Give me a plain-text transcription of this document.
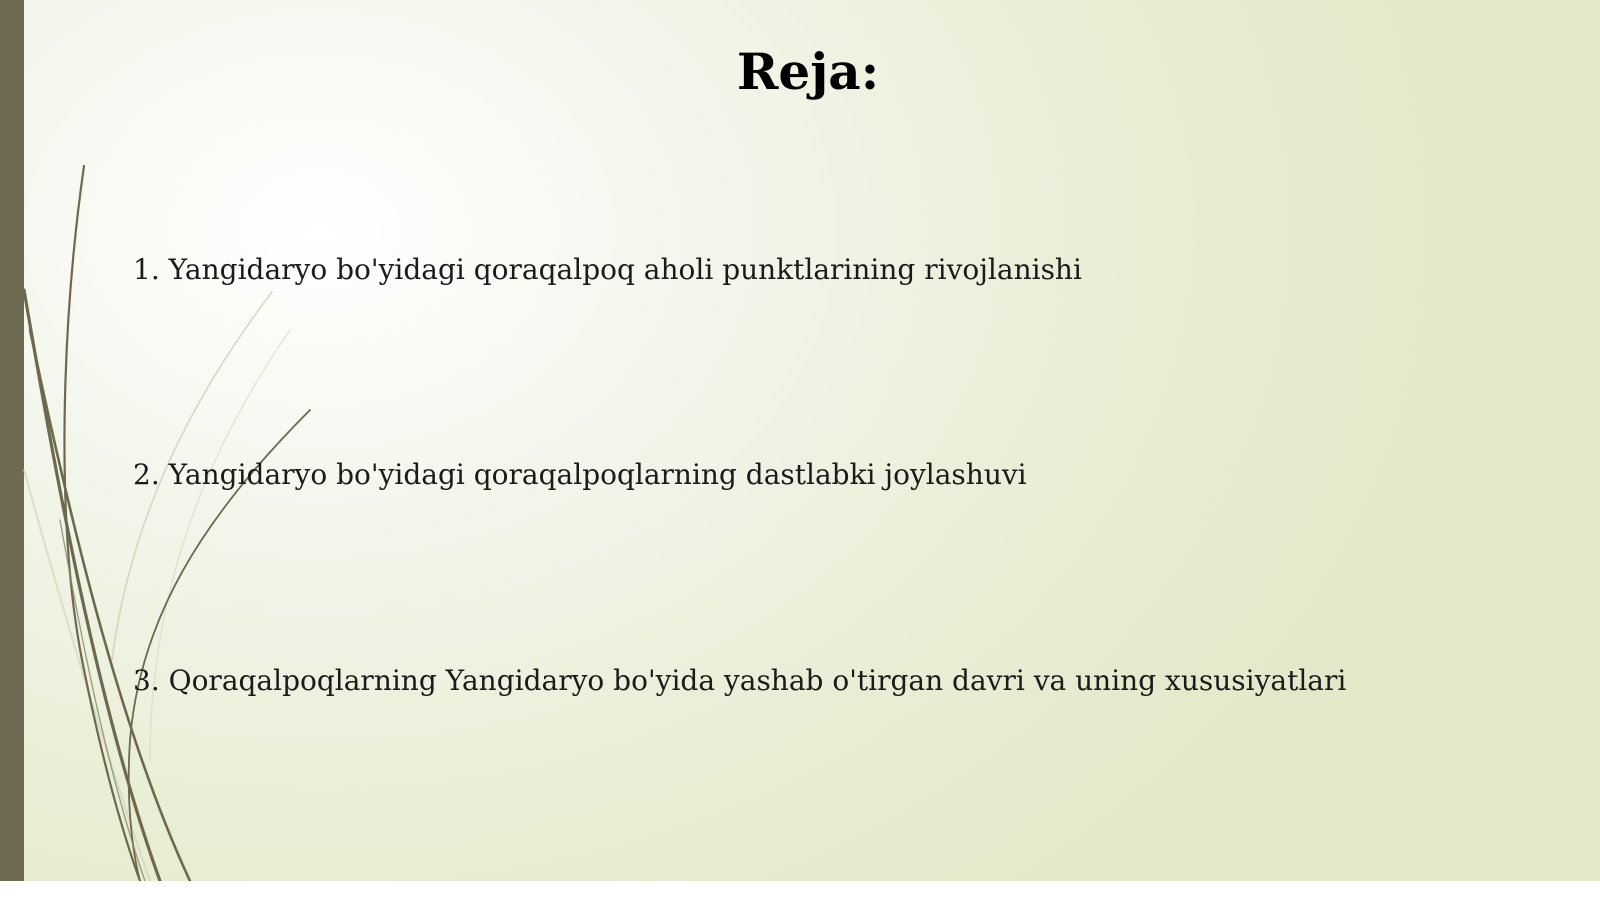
Reja:

1. Yangidaryo bo'yidagi qoraqalpoq aholi punktlarining rivojlanishi

2. Yangidaryo bo'yidagi qoraqalpoqlarning dastlabki joylashuvi

3. Qoraqalpoqlarning Yangidaryo bo'yida yashab o'tirgan davri va uning xususiyatlari
